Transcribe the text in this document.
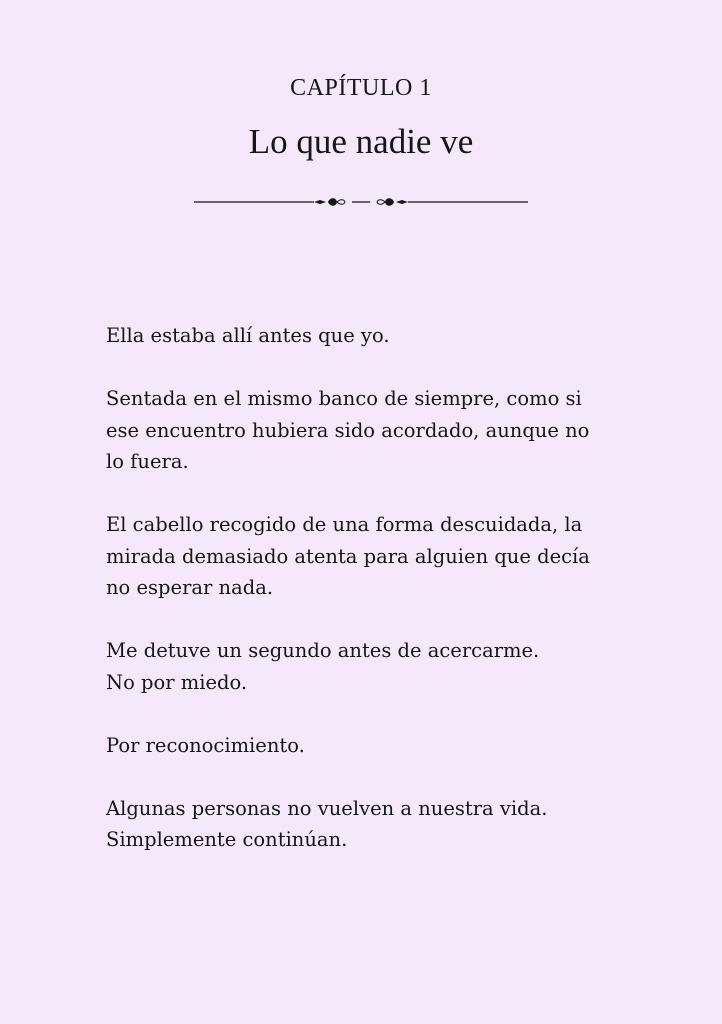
CAPÍTULO 1
Lo que nadie ve

Ella estaba allí antes que yo.

Sentada en el mismo banco de siempre, como si
ese encuentro hubiera sido acordado, aunque no
lo fuera.

El cabello recogido de una forma descuidada, la
mirada demasiado atenta para alguien que decía
no esperar nada.

Me detuve un segundo antes de acercarme.
No por miedo.

Por reconocimiento.

Algunas personas no vuelven a nuestra vida.
Simplemente continúan.
